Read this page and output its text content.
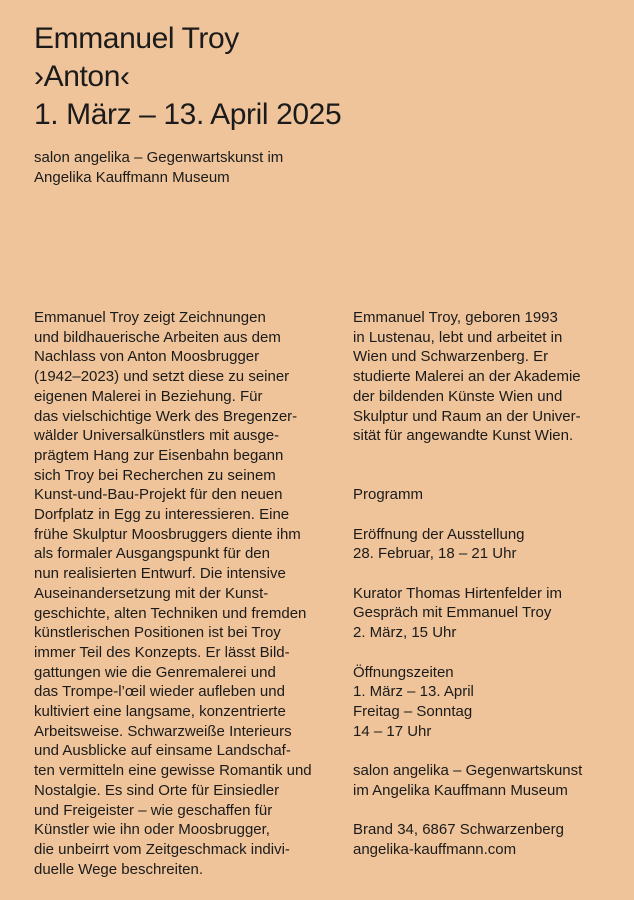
Emmanuel Troy
›Anton‹
1. März – 13. April 2025
salon angelika – Gegenwartskunst im
Angelika Kauffmann Museum
Emmanuel Troy zeigt Zeichnungen
und bildhauerische Arbeiten aus dem
Nachlass von Anton Moosbrugger
(1942–2023) und setzt diese zu seiner
eigenen Malerei in Beziehung. Für
das vielschichtige Werk des Bregenzer-
wälder Universalkünstlers mit ausge-
prägtem Hang zur Eisenbahn begann
sich Troy bei Recherchen zu seinem
Kunst-und-Bau-Projekt für den neuen
Dorfplatz in Egg zu interessieren. Eine
frühe Skulptur Moosbruggers diente ihm
als formaler Ausgangspunkt für den
nun realisierten Entwurf. Die intensive
Auseinandersetzung mit der Kunst-
geschichte, alten Techniken und fremden
künstlerischen Positionen ist bei Troy
immer Teil des Konzepts. Er lässt Bild-
gattungen wie die Genremalerei und
das Trompe-l’œil wieder aufleben und
kultiviert eine langsame, konzentrierte
Arbeitsweise. Schwarzweiße Interieurs
und Ausblicke auf einsame Landschaf-
ten vermitteln eine gewisse Romantik und
Nostalgie. Es sind Orte für Einsiedler
und Freigeister – wie geschaffen für
Künstler wie ihn oder Moosbrugger,
die unbeirrt vom Zeitgeschmack indivi-
duelle Wege beschreiten.
Emmanuel Troy, geboren 1993
in Lustenau, lebt und arbeitet in
Wien und Schwarzenberg. Er
studierte Malerei an der Akademie
der bildenden Künste Wien und
Skulptur und Raum an der Univer-
sität für angewandte Kunst Wien.
Programm
Eröffnung der Ausstellung
28. Februar, 18 – 21 Uhr
Kurator Thomas Hirtenfelder im
Gespräch mit Emmanuel Troy
2. März, 15 Uhr
Öffnungszeiten
1. März – 13. April
Freitag – Sonntag
14 – 17 Uhr
salon angelika – Gegenwartskunst
im Angelika Kauffmann Museum
Brand 34, 6867 Schwarzenberg
angelika-kauffmann.com
